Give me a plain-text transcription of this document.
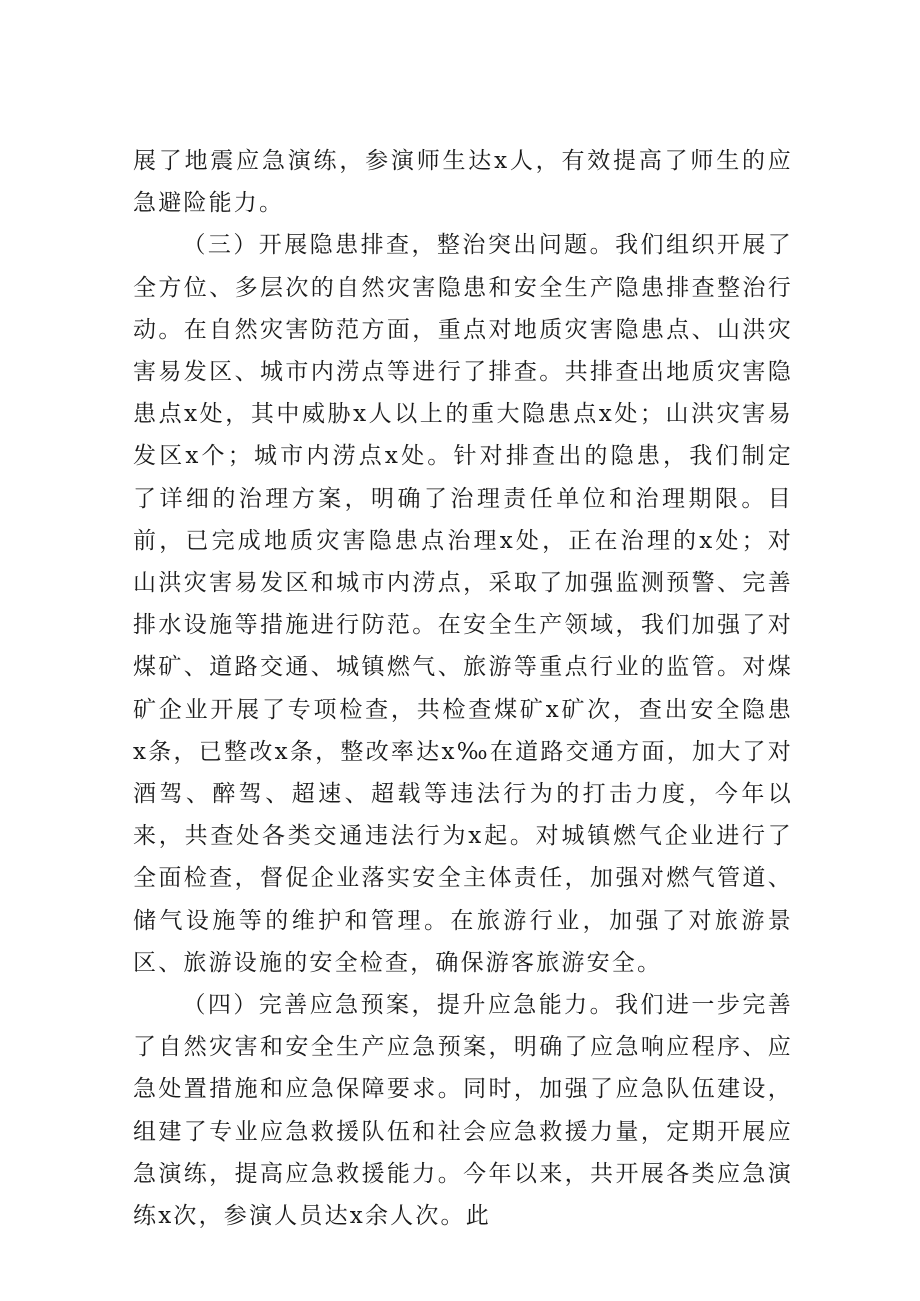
展了地震应急演练，参演师生达x人，有效提高了师生的应急避险能力。

（三）开展隐患排查，整治突出问题。我们组织开展了全方位、多层次的自然灾害隐患和安全生产隐患排查整治行动。在自然灾害防范方面，重点对地质灾害隐患点、山洪灾害易发区、城市内涝点等进行了排查。共排查出地质灾害隐患点x处，其中威胁x人以上的重大隐患点x处；山洪灾害易发区x个；城市内涝点x处。针对排查出的隐患，我们制定了详细的治理方案，明确了治理责任单位和治理期限。目前，已完成地质灾害隐患点治理x处，正在治理的x处；对山洪灾害易发区和城市内涝点，采取了加强监测预警、完善排水设施等措施进行防范。在安全生产领域，我们加强了对煤矿、道路交通、城镇燃气、旅游等重点行业的监管。对煤矿企业开展了专项检查，共检查煤矿x矿次，查出安全隐患x条，已整改x条，整改率达x‰在道路交通方面，加大了对酒驾、醉驾、超速、超载等违法行为的打击力度，今年以来，共查处各类交通违法行为x起。对城镇燃气企业进行了全面检查，督促企业落实安全主体责任，加强对燃气管道、储气设施等的维护和管理。在旅游行业，加强了对旅游景区、旅游设施的安全检查，确保游客旅游安全。

（四）完善应急预案，提升应急能力。我们进一步完善了自然灾害和安全生产应急预案，明确了应急响应程序、应急处置措施和应急保障要求。同时，加强了应急队伍建设，组建了专业应急救援队伍和社会应急救援力量，定期开展应急演练，提高应急救援能力。今年以来，共开展各类应急演练x次，参演人员达x余人次。此
